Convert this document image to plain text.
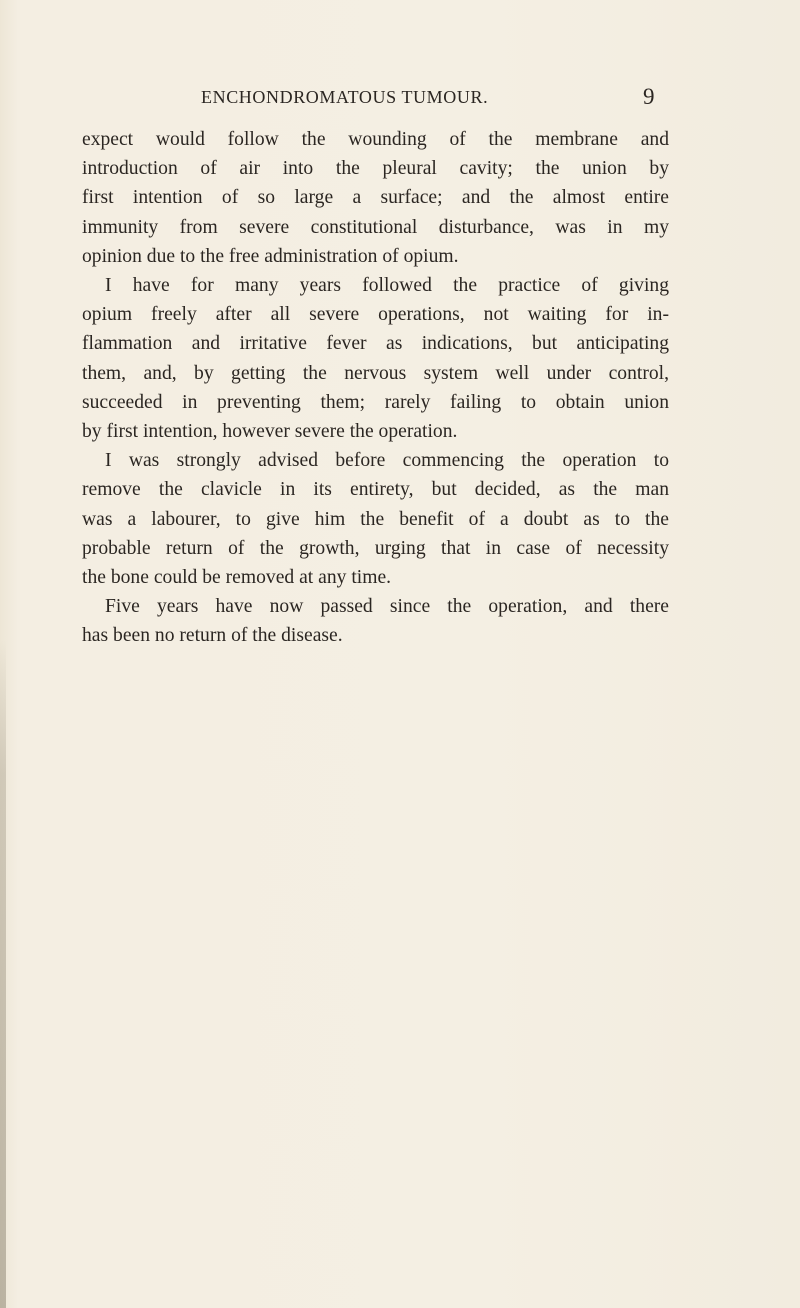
ENCHONDROMATOUS TUMOUR.	9

expect would follow the wounding of the membrane and
introduction of air into the pleural cavity; the union by
first intention of so large a surface; and the almost entire
immunity from severe constitutional disturbance, was in my
opinion due to the free administration of opium.

I have for many years followed the practice of giving
opium freely after all severe operations, not waiting for in-
flammation and irritative fever as indications, but anticipating
them, and, by getting the nervous system well under control,
succeeded in preventing them; rarely failing to obtain union
by first intention, however severe the operation.

I was strongly advised before commencing the operation to
remove the clavicle in its entirety, but decided, as the man
was a labourer, to give him the benefit of a doubt as to the
probable return of the growth, urging that in case of necessity
the bone could be removed at any time.

Five years have now passed since the operation, and there
has been no return of the disease.
